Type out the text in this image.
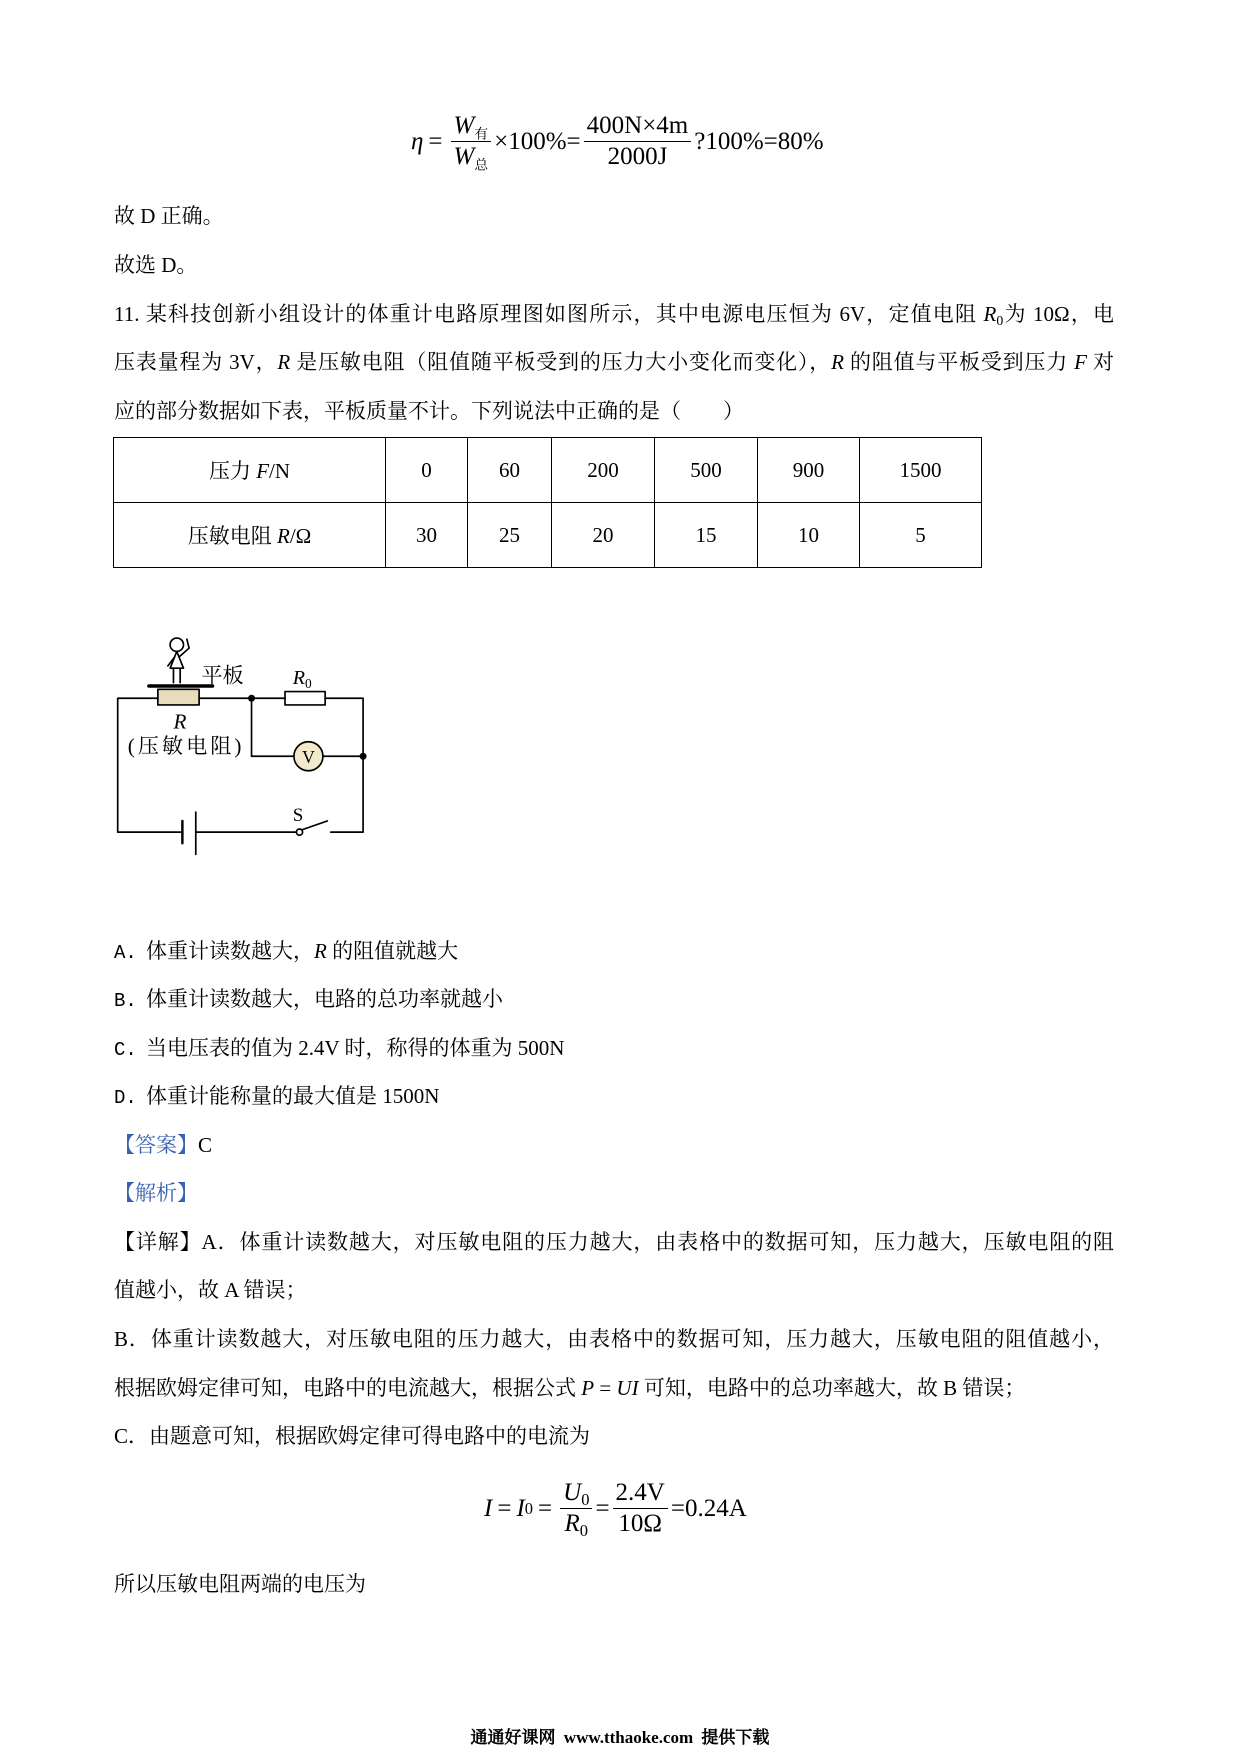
$\eta = \frac{W_有}{W_总} \times 100\%= \frac{400N\times 4m}{2000J}$ ?100%=80%
故 D 正确。
故选 D。
11. 某科技创新小组设计的体重计电路原理图如图所示，其中电源电压恒为 6V，定值电阻 R0为 10Ω，电
压表量程为 3V，R 是压敏电阻（阻值随平板受到的压力大小变化而变化），R 的阻值与平板受到压力 F 对
应的部分数据如下表，平板质量不计。下列说法中正确的是（　　）
压力 F/N	0	60	200	500	900	1500
压敏电阻 R/Ω	30	25	20	15	10	5
平板	$R_0$
R
(压敏电阻)	V
S
A. 体重计读数越大，R 的阻值就越大
B. 体重计读数越大，电路的总功率就越小
C. 当电压表的值为 2.4V 时，称得的体重为 500N
D. 体重计能称量的最大值是 1500N
【答案】C
【解析】
【详解】A．体重计读数越大，对压敏电阻的压力越大，由表格中的数据可知，压力越大，压敏电阻的阻
值越小，故 A 错误；
B．体重计读数越大，对压敏电阻的压力越大，由表格中的数据可知，压力越大，压敏电阻的阻值越小，
根据欧姆定律可知，电路中的电流越大，根据公式 P = UI 可知，电路中的总功率越大，故 B 错误；
C．由题意可知，根据欧姆定律可得电路中的电流为
I = I $0 = \frac{U0}{R0} = \frac{2.4V}{10\Omega} =0.24A$
所以压敏电阻两端的电压为
通通好课网 www.tthaoke.com 提供下载
